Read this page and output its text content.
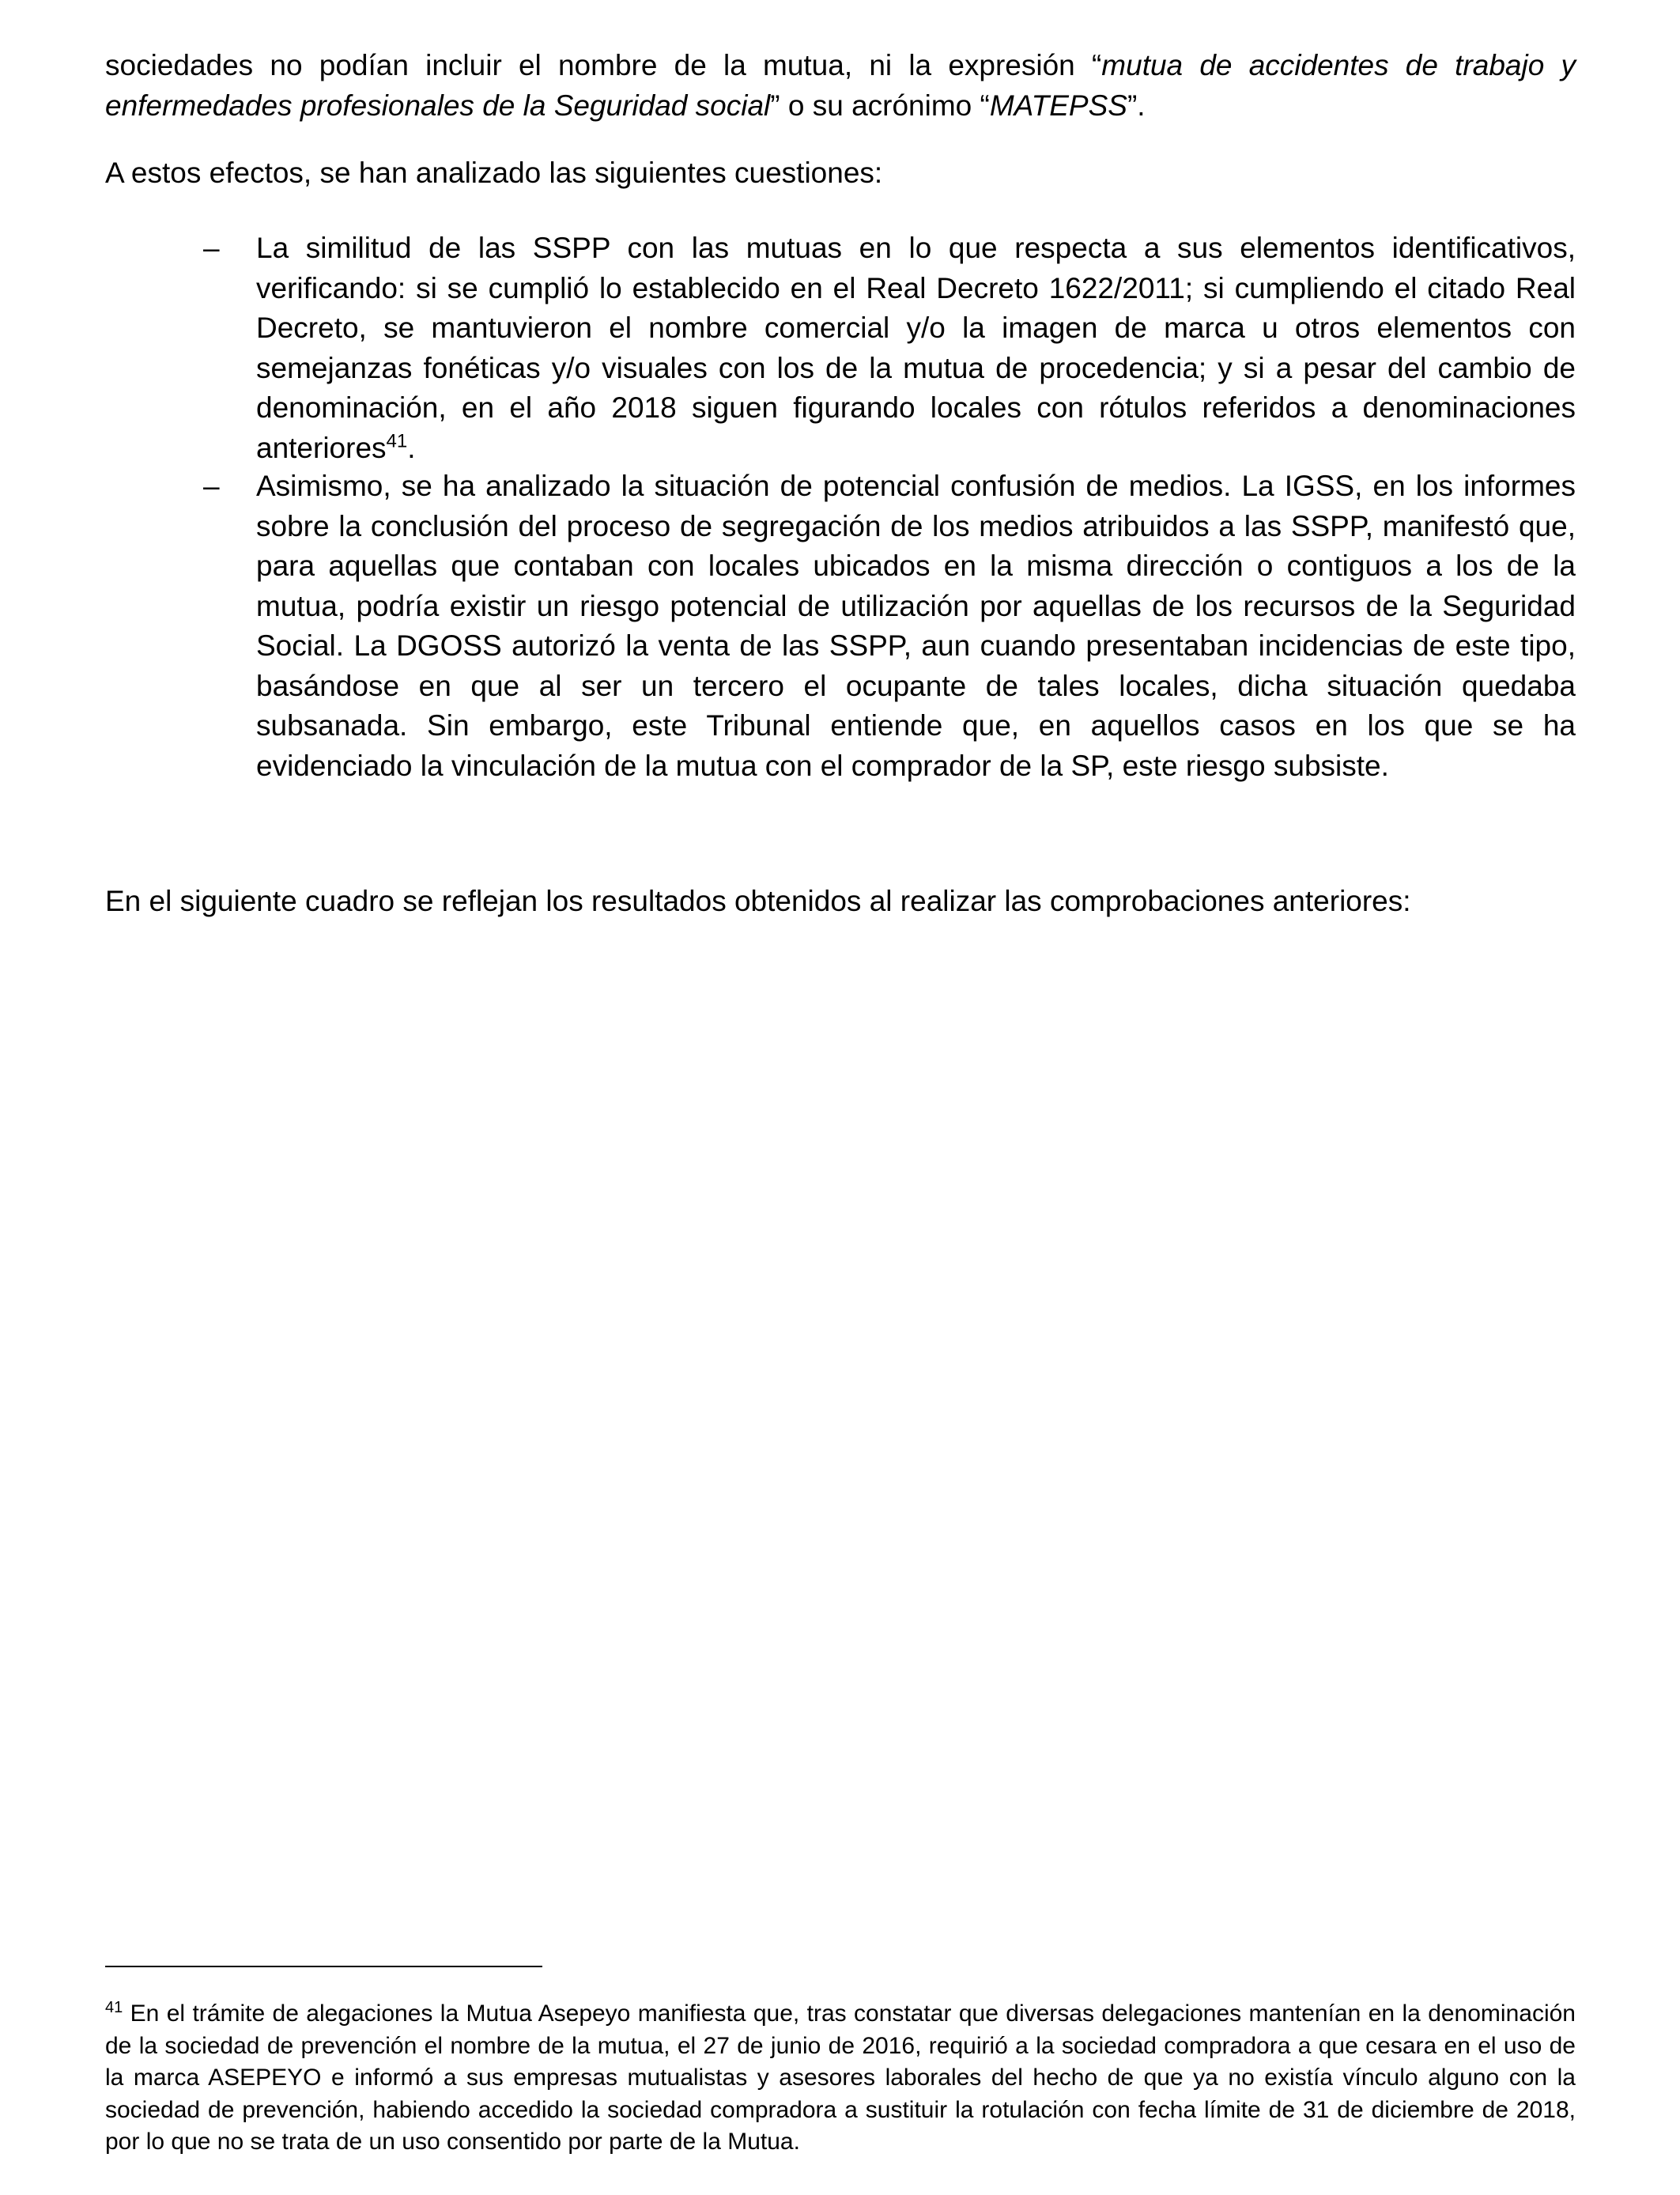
sociedades no podían incluir el nombre de la mutua, ni la expresión “mutua de accidentes de trabajo y enfermedades profesionales de la Seguridad social” o su acrónimo “MATEPSS”.

A estos efectos, se han analizado las siguientes cuestiones:

– La similitud de las SSPP con las mutuas en lo que respecta a sus elementos identificativos, verificando: si se cumplió lo establecido en el Real Decreto 1622/2011; si cumpliendo el citado Real Decreto, se mantuvieron el nombre comercial y/o la imagen de marca u otros elementos con semejanzas fonéticas y/o visuales con los de la mutua de procedencia; y si a pesar del cambio de denominación, en el año 2018 siguen figurando locales con rótulos referidos a denominaciones anteriores$^{41}$.
– Asimismo, se ha analizado la situación de potencial confusión de medios. La IGSS, en los informes sobre la conclusión del proceso de segregación de los medios atribuidos a las SSPP, manifestó que, para aquellas que contaban con locales ubicados en la misma dirección o contiguos a los de la mutua, podría existir un riesgo potencial de utilización por aquellas de los recursos de la Seguridad Social. La DGOSS autorizó la venta de las SSPP, aun cuando presentaban incidencias de este tipo, basándose en que al ser un tercero el ocupante de tales locales, dicha situación quedaba subsanada. Sin embargo, este Tribunal entiende que, en aquellos casos en los que se ha evidenciado la vinculación de la mutua con el comprador de la SP, este riesgo subsiste.

En el siguiente cuadro se reflejan los resultados obtenidos al realizar las comprobaciones anteriores:

$^{41}$ En el trámite de alegaciones la Mutua Asepeyo manifiesta que, tras constatar que diversas delegaciones mantenían en la denominación de la sociedad de prevención el nombre de la mutua, el 27 de junio de 2016, requirió a la sociedad compradora a que cesara en el uso de la marca ASEPEYO e informó a sus empresas mutualistas y asesores laborales del hecho de que ya no existía vínculo alguno con la sociedad de prevención, habiendo accedido la sociedad compradora a sustituir la rotulación con fecha límite de 31 de diciembre de 2018, por lo que no se trata de un uso consentido por parte de la Mutua.
